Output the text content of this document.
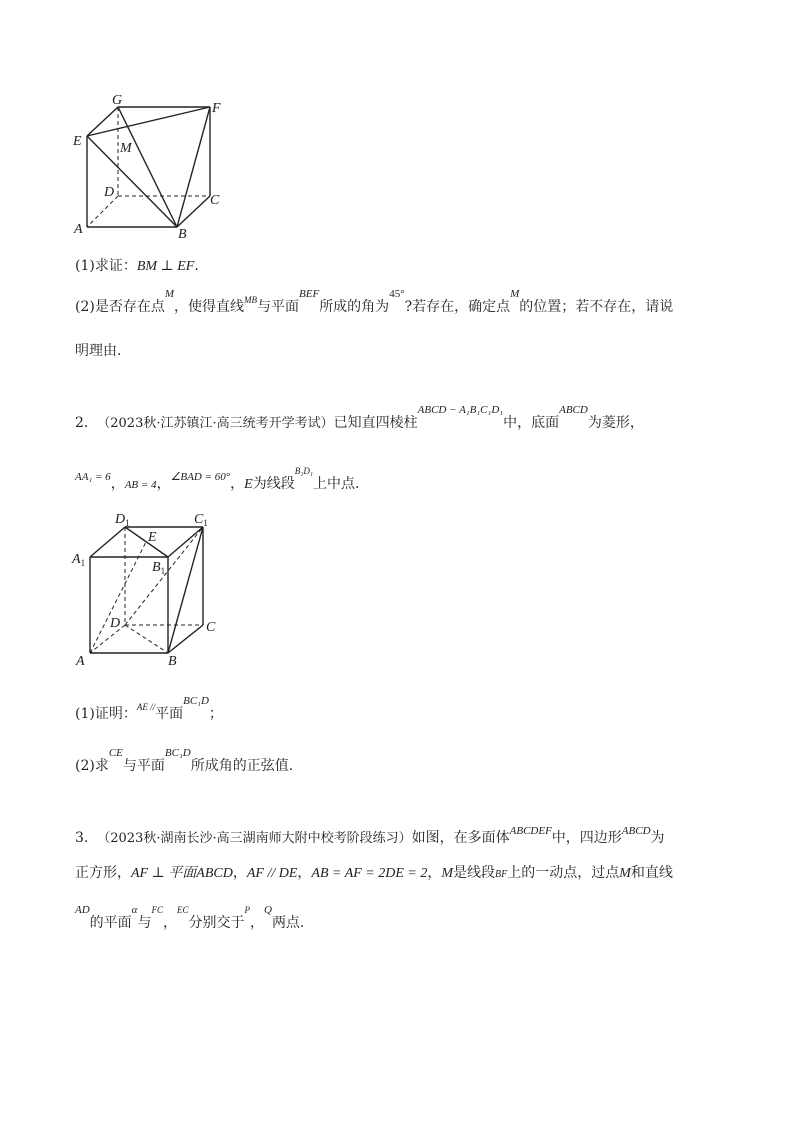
G
F
E	M
D
C
A	B
(1)求证：BM ⊥ EF.
(2)是否存在点$^M$，使得直线$^{MB}$与平面$^{BEF}$所成的角为$^{45^\circ}$?若存在，确定点$^M$的位置；若不存在，请说
明理由.
2. （2023秋·江苏镇江·高三统考开学考试）已知直四棱柱$^{ABCD - A_1B_1C_1D_1}$中，底面$^{ABCD}$为菱形，
$^{AA_1 = 6}$，AB = 4，$^{\angle BAD = 60^\circ}$，E为线段$^{B_1D_1}$上中点.
$D_1$	$C_1$
E
$A_1$	$B_1$
D	C
A	B
(1)证明：$^{AE //}$平面$^{BC_1D}$；
(2)求$^{CE}$与平面$^{BC_1D}$所成角的正弦值.
3. （2023秋·湖南长沙·高三湖南师大附中校考阶段练习）如图，在多面体$^{ABCDEF}$中，四边形$^{ABCD}$为
正方形，AF ⊥ 平面ABCD，AF // DE，AB = AF = 2DE = 2，M是线段BF上的一动点，过点M和直线
$^{AD}$的平面$^\alpha$与$^{FC}$，$^{EC}$分别交于$^P$，$^Q$两点.
